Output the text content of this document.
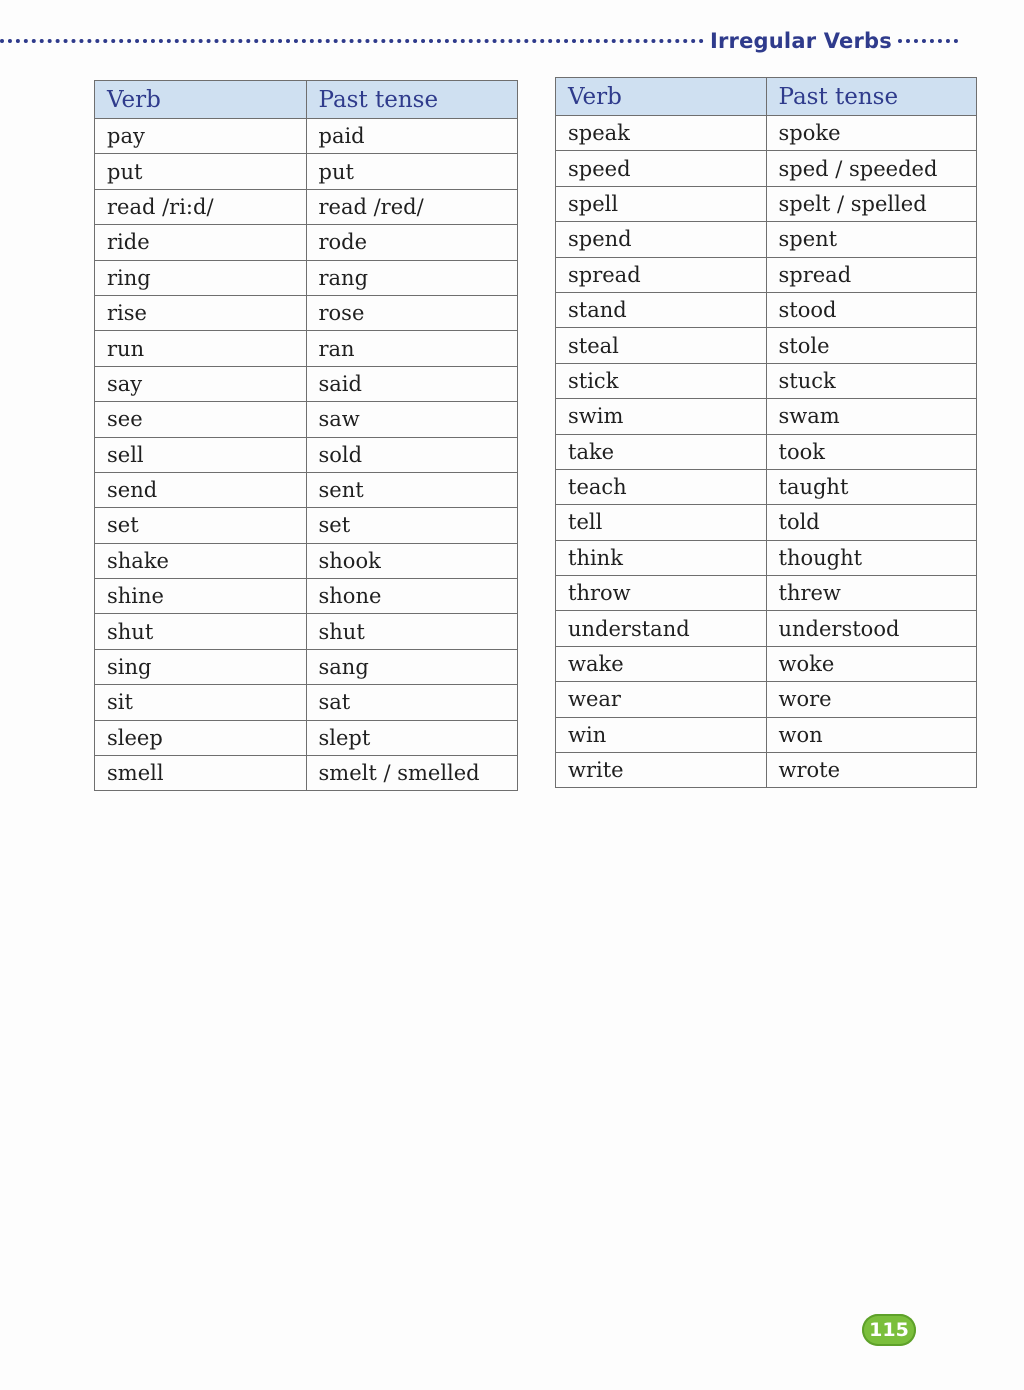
Irregular Verbs
Verb	Past tense
pay	paid
put	put
read /ri:d/	read /red/
ride	rode
ring	rang
rise	rose
run	ran
say	said
see	saw
sell	sold
send	sent
set	set
shake	shook
shine	shone
shut	shut
sing	sang
sit	sat
sleep	slept
smell	smelt / smelled
Verb	Past tense
speak	spoke
speed	sped / speeded
spell	spelt / spelled
spend	spent
spread	spread
stand	stood
steal	stole
stick	stuck
swim	swam
take	took
teach	taught
tell	told
think	thought
throw	threw
understand	understood
wake	woke
wear	wore
win	won
write	wrote
115
